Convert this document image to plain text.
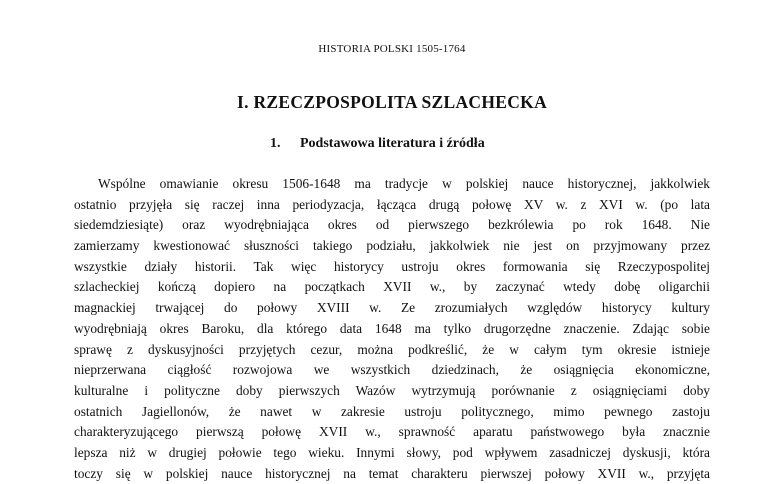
HISTORIA POLSKI 1505-1764
I. RZECZPOSPOLITA SZLACHECKA
1. Podstawowa literatura i źródła
Wspólne omawianie okresu 1506-1648 ma tradycje w polskiej nauce historycznej, jakkolwiek
ostatnio przyjęła się raczej inna periodyzacja, łącząca drugą połowę XV w. z XVI w. (po lata
siedemdziesiąte) oraz wyodrębniająca okres od pierwszego bezkrólewia po rok 1648. Nie
zamierzamy kwestionować słuszności takiego podziału, jakkolwiek nie jest on przyjmowany przez
wszystkie działy historii. Tak więc historycy ustroju okres formowania się Rzeczypospolitej
szlacheckiej kończą dopiero na początkach XVII w., by zaczynać wtedy dobę oligarchii
magnackiej trwającej do połowy XVIII w. Ze zrozumiałych względów historycy kultury
wyodrębniają okres Baroku, dla którego data 1648 ma tylko drugorzędne znaczenie. Zdając sobie
sprawę z dyskusyjności przyjętych cezur, można podkreślić, że w całym tym okresie istnieje
nieprzerwana ciągłość rozwojowa we wszystkich dziedzinach, że osiągnięcia ekonomiczne,
kulturalne i polityczne doby pierwszych Wazów wytrzymują porównanie z osiągnięciami doby
ostatnich Jagiellonów, że nawet w zakresie ustroju politycznego, mimo pewnego zastoju
charakteryzującego pierwszą połowę XVII w., sprawność aparatu państwowego była znacznie
lepsza niż w drugiej połowie tego wieku. Innymi słowy, pod wpływem zasadniczej dyskusji, która
toczy się w polskiej nauce historycznej na temat charakteru pierwszej połowy XVII w., przyjęta
